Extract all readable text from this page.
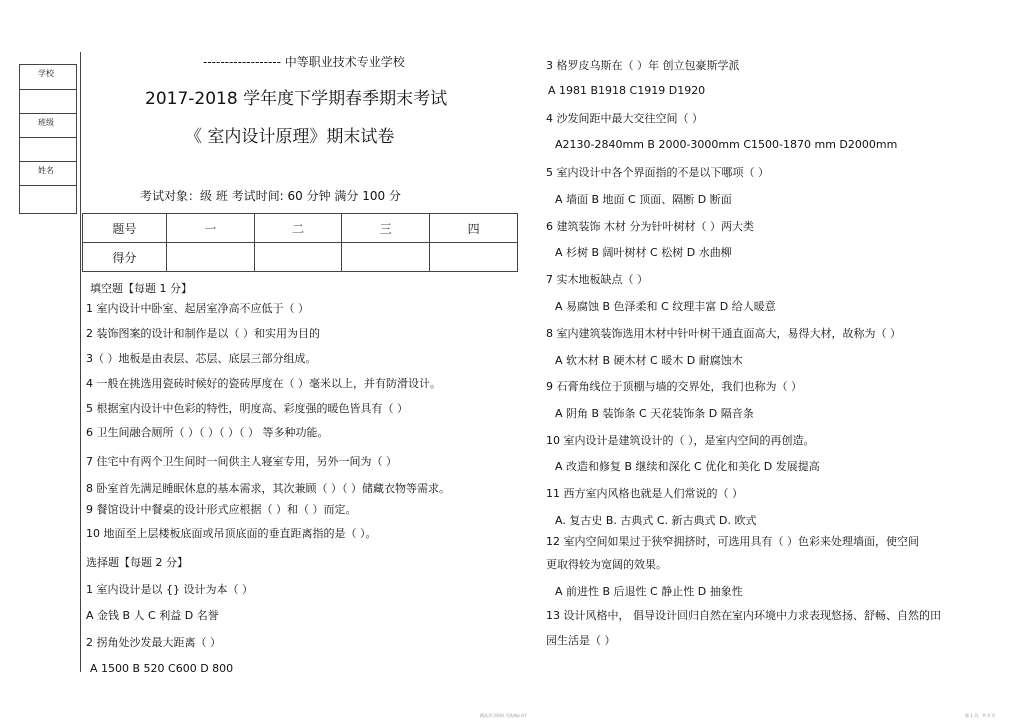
学校
班级
姓名
------------------ 中等职业技术专业学校
2017-2018 学年度下学期春季期末考试
《 室内设计原理》期末试卷
考试对象：级 班 考试时间: 60 分钟 满分 100 分
题号	一	二	三	四
得分				
填空题【每题 1 分】
1 室内设计中卧室、起居室净高不应低于（ ）
2 装饰图案的设计和制作是以（ ）和实用为目的
3（ ）地板是由表层、芯层、底层三部分组成。
4 一般在挑选用瓷砖时候好的瓷砖厚度在（ ）毫米以上，并有防滑设计。
5 根据室内设计中色彩的特性，明度高、彩度强的暖色皆具有（ ）
6 卫生间融合厕所（ ）（ ）（ ）（ ） 等多种功能。
7 住宅中有两个卫生间时一间供主人寝室专用，另外一间为（ ）
8 卧室首先满足睡眠休息的基本需求，其次兼顾（ ）（ ）储藏衣物等需求。
9 餐馆设计中餐桌的设计形式应根据（ ）和（ ）而定。
10 地面至上层楼板底面或吊顶底面的垂直距离指的是（ ）。
选择题【每题 2 分】
1 室内设计是以 {} 设计为本（ ）
A 金钱 B 人 C 利益 D 名誉
2 拐角处沙发最大距离（ ）
A 1500 B 520 C600 D 800
3 格罗皮乌斯在（ ）年 创立包豪斯学派
A 1981 B1918 C1919 D1920
4 沙发间距中最大交往空间（ ）
A2130-2840mm B 2000-3000mm C1500-1870 mm D2000mm
5 室内设计中各个界面指的不是以下哪项（ ）
A 墙面 B 地面 C 顶面、隔断 D 断面
6 建筑装饰 木材 分为针叶树材（ ）两大类
A 杉树 B 阔叶树材 C 松树 D 水曲柳
7 实木地板缺点（ ）
A 易腐蚀 B 色泽柔和 C 纹理丰富 D 给人暖意
8 室内建筑装饰选用木材中针叶树干通直面高大，易得大材，故称为（ ）
A 软木材 B 硬木材 C 暖木 D 耐腐蚀木
9 石膏角线位于顶棚与墙的交界处，我们也称为（ ）
A 阴角 B 装饰条 C 天花装饰条 D 隔音条
10 室内设计是建筑设计的（ ），是室内空间的再创造。
A 改造和修复 B 继续和深化 C 优化和美化 D 发展提高
11 西方室内风格也就是人们常说的（ ）
A. 复古史 B. 古典式 C. 新古典式 D. 欧式
12 室内空间如果过于狭窄拥挤时，可选用具有（ ）色彩来处理墙面，使空间
更取得较为宽阔的效果。
A 前进性 B 后退性 C 静止性 D 抽象性
13 设计风格中， 倡导设计回归自然在室内环境中力求表现悠扬、舒畅、自然的田
园生活是（ ）
精品学习资料 可选择p d f	第 1 页，共 4 页
